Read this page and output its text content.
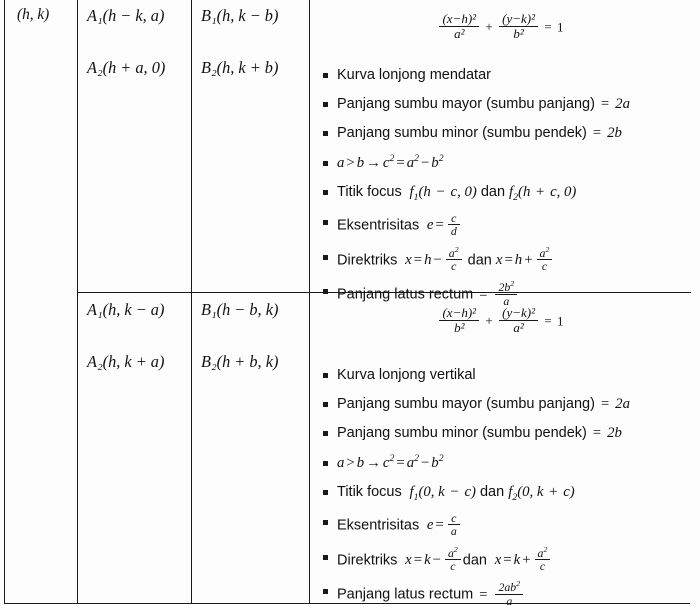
(h, k)	A₁(h − k, a)
A₂(h + a, 0)
B₁(h, k − b)
B₂(h, k + b)
$\frac{\text{(x−h)²}}{\text{a²}} + \frac{\text{(y−k)²}}{\text{b²}} = 1$
Kurva lonjong mendatar
Panjang sumbu mayor (sumbu panjang) = 2a
Panjang sumbu minor (sumbu pendek) = 2b
$a > b \to c^2 = a^2 - b^2$
Titik focus  $f_1(h - c$, 0) dan $f_2(h + c$, 0)
Eksentrisitas  $e = \frac{c}{d}$
Direktriks  $x = h - \frac{a^2}{c}$ dan $x = h + \frac{a^2}{c}$
Panjang latus rectum = $\frac{2b^2}{a}$
A₁(h, k − a)
A₂(h, k + a)
B₁(h − b, k)
B₂(h + b, k)
$\frac{\text{(x−h)²}}{\text{b²}} + \frac{\text{(y−k)²}}{\text{a²}} = 1$
Kurva lonjong vertikal
Panjang sumbu mayor (sumbu panjang) = 2a
Panjang sumbu minor (sumbu pendek) = 2b
$a > b \to c^2 = a^2 - b^2$
Titik focus  $f_1(0$, k − c) dan $f_2(0$, k + c)
Eksentrisitas  $e = \frac{c}{a}$
Direktriks  $x = k - \frac{a^2}{c}$ dan  $x = k + \frac{a^2}{c}$
Panjang latus rectum = $\frac{2ab^2}{a}$
